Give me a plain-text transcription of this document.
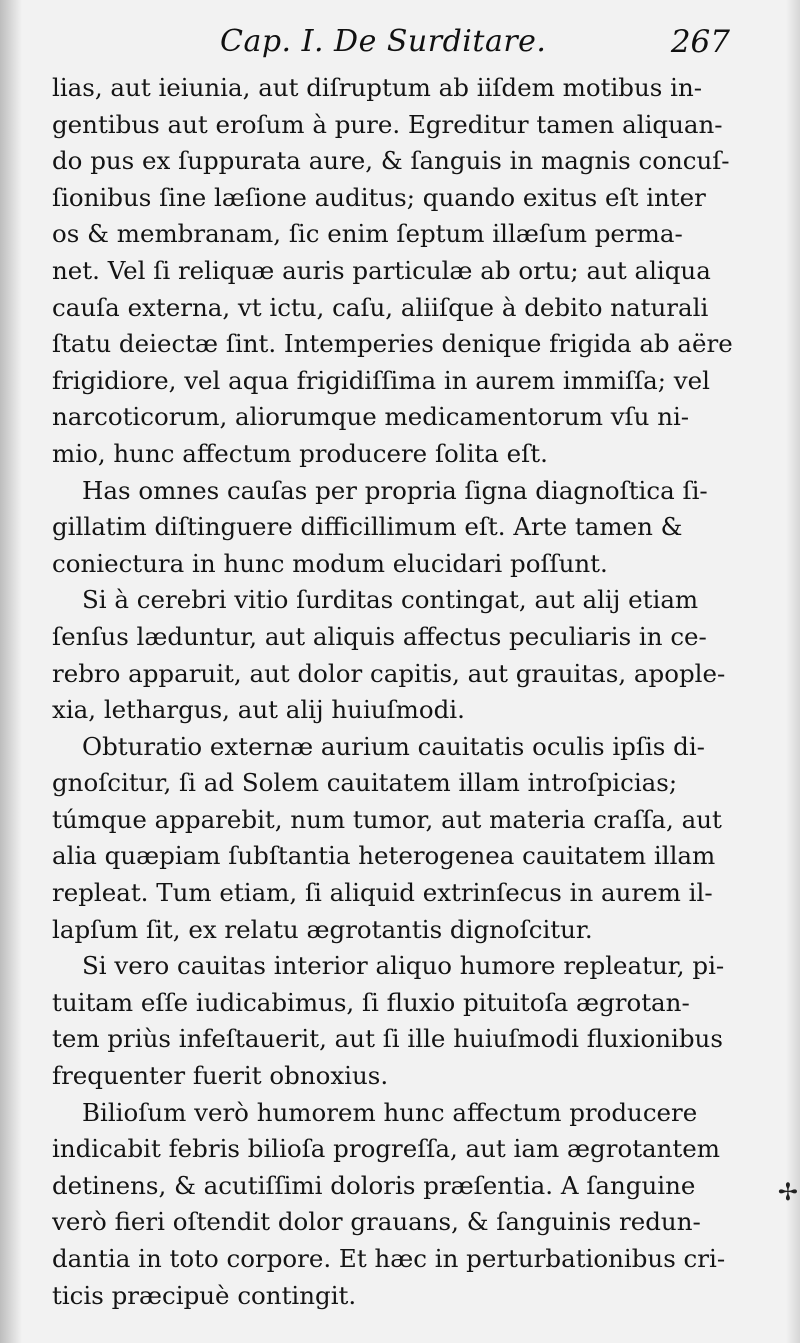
Cap. I. De Surditare.	267
lias, aut ieiunia, aut diſruptum ab iiſdem motibus in-
gentibus aut eroſum à pure. Egreditur tamen aliquan-
do pus ex ſuppurata aure, & ſanguis in magnis concuſ-
ſionibus ſine læſione auditus; quando exitus eſt inter
os & membranam, ſic enim ſeptum illæſum perma-
net. Vel ſi reliquæ auris particulæ ab ortu; aut aliqua
cauſa externa, vt ictu, caſu, aliiſque à debito naturali
ſtatu deiectæ ſint. Intemperies denique frigida ab aëre
frigidiore, vel aqua frigidiſſima in aurem immiſſa; vel
narcoticorum, aliorumque medicamentorum vſu ni-
mio, hunc affectum producere ſolita eſt.
Has omnes cauſas per propria ſigna diagnoſtica ſi-
gillatim diſtinguere difficillimum eſt. Arte tamen &
coniectura in hunc modum elucidari poſſunt.
Si à cerebri vitio ſurditas contingat, aut alij etiam
ſenſus læduntur, aut aliquis affectus peculiaris in ce-
rebro apparuit, aut dolor capitis, aut grauitas, apople-
xia, lethargus, aut alij huiuſmodi.
Obturatio externæ aurium cauitatis oculis ipſis di-
gnoſcitur, ſi ad Solem cauitatem illam introſpicias;
túmque apparebit, num tumor, aut materia craſſa, aut
alia quæpiam ſubſtantia heterogenea cauitatem illam
repleat. Tum etiam, ſi aliquid extrinſecus in aurem il-
lapſum ſit, ex relatu ægrotantis dignoſcitur.
Si vero cauitas interior aliquo humore repleatur, pi-
tuitam eſſe iudicabimus, ſi fluxio pituitoſa ægrotan-
tem priùs infeſtauerit, aut ſi ille huiuſmodi fluxionibus
frequenter fuerit obnoxius.
Bilioſum verò humorem hunc affectum producere
indicabit febris bilioſa progreſſa, aut iam ægrotantem
detinens, & acutiſſimi doloris præſentia. A ſanguine
verò fieri oſtendit dolor grauans, & ſanguinis redun-
dantia in toto corpore. Et hæc in perturbationibus cri-
ticis præcipuè contingit.
✢
